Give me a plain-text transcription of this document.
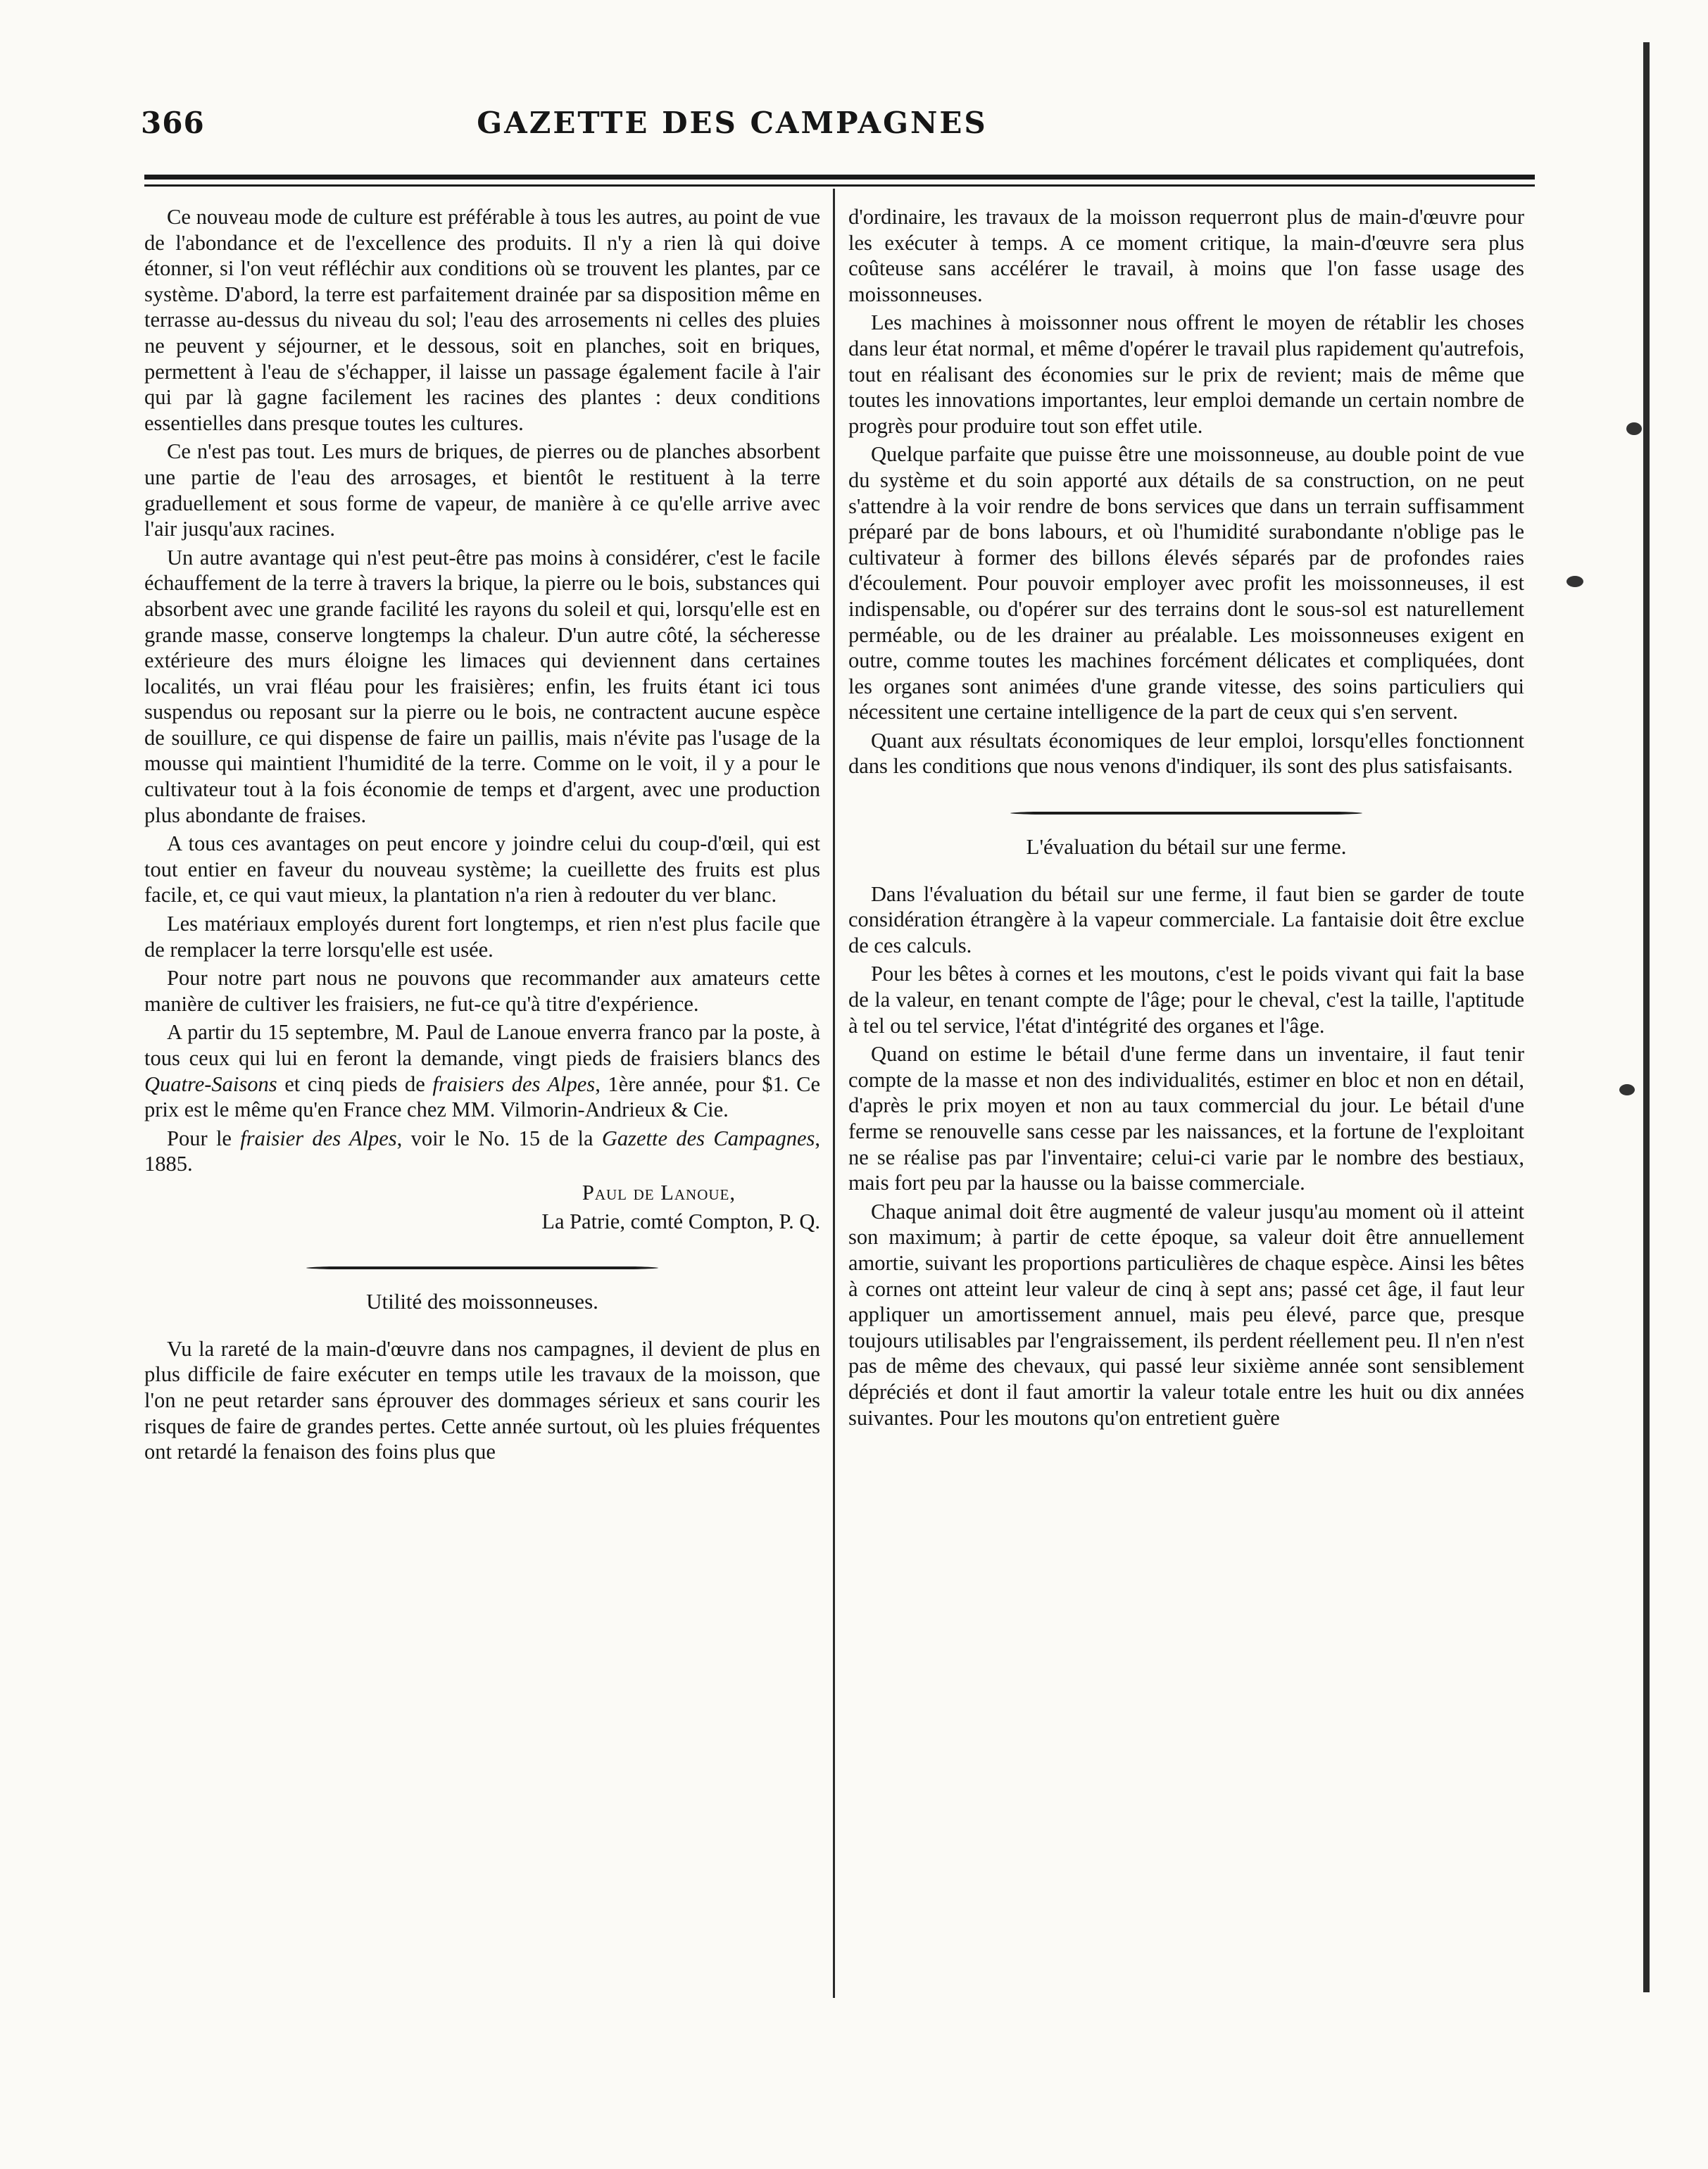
366	GAZETTE DES CAMPAGNES

Ce nouveau mode de culture est préférable à tous les autres, au point de vue de l'abondance et de l'excellence des produits. Il n'y a rien là qui doive étonner, si l'on veut réfléchir aux conditions où se trouvent les plantes, par ce système. D'abord, la terre est parfaitement drainée par sa disposition même en terrasse au-dessus du niveau du sol; l'eau des arrosements ni celles des pluies ne peuvent y séjourner, et le dessous, soit en planches, soit en briques, permettent à l'eau de s'échapper, il laisse un passage également facile à l'air qui par là gagne facilement les racines des plantes : deux conditions essentielles dans presque toutes les cultures.

Ce n'est pas tout. Les murs de briques, de pierres ou de planches absorbent une partie de l'eau des arrosages, et bientôt le restituent à la terre graduellement et sous forme de vapeur, de manière à ce qu'elle arrive avec l'air jusqu'aux racines.

Un autre avantage qui n'est peut-être pas moins à considérer, c'est le facile échauffement de la terre à travers la brique, la pierre ou le bois, substances qui absorbent avec une grande facilité les rayons du soleil et qui, lorsqu'elle est en grande masse, conserve longtemps la chaleur. D'un autre côté, la sécheresse extérieure des murs éloigne les limaces qui deviennent dans certaines localités, un vrai fléau pour les fraisières; enfin, les fruits étant ici tous suspendus ou reposant sur la pierre ou le bois, ne contractent aucune espèce de souillure, ce qui dispense de faire un paillis, mais n'évite pas l'usage de la mousse qui maintient l'humidité de la terre. Comme on le voit, il y a pour le cultivateur tout à la fois économie de temps et d'argent, avec une production plus abondante de fraises.

A tous ces avantages on peut encore y joindre celui du coup-d'œil, qui est tout entier en faveur du nouveau système; la cueillette des fruits est plus facile, et, ce qui vaut mieux, la plantation n'a rien à redouter du ver blanc.

Les matériaux employés durent fort longtemps, et rien n'est plus facile que de remplacer la terre lorsqu'elle est usée.

Pour notre part nous ne pouvons que recommander aux amateurs cette manière de cultiver les fraisiers, ne fut-ce qu'à titre d'expérience.

A partir du 15 septembre, M. Paul de Lanoue enverra franco par la poste, à tous ceux qui lui en feront la demande, vingt pieds de fraisiers blancs des Quatre-Saisons et cinq pieds de fraisiers des Alpes, 1ère année, pour $1. Ce prix est le même qu'en France chez MM. Vilmorin-Andrieux & Cie.

Pour le fraisier des Alpes, voir le No. 15 de la Gazette des Campagnes, 1885.

Paul de Lanoue,

La Patrie, comté Compton, P. Q.

Utilité des moissonneuses.

Vu la rareté de la main-d'œuvre dans nos campagnes, il devient de plus en plus difficile de faire exécuter en temps utile les travaux de la moisson, que l'on ne peut retarder sans éprouver des dommages sérieux et sans courir les risques de faire de grandes pertes. Cette année surtout, où les pluies fréquentes ont retardé la fenaison des foins plus que

d'ordinaire, les travaux de la moisson requerront plus de main-d'œuvre pour les exécuter à temps. A ce moment critique, la main-d'œuvre sera plus coûteuse sans accélérer le travail, à moins que l'on fasse usage des moissonneuses.

Les machines à moissonner nous offrent le moyen de rétablir les choses dans leur état normal, et même d'opérer le travail plus rapidement qu'autrefois, tout en réalisant des économies sur le prix de revient; mais de même que toutes les innovations importantes, leur emploi demande un certain nombre de progrès pour produire tout son effet utile.

Quelque parfaite que puisse être une moissonneuse, au double point de vue du système et du soin apporté aux détails de sa construction, on ne peut s'attendre à la voir rendre de bons services que dans un terrain suffisamment préparé par de bons labours, et où l'humidité surabondante n'oblige pas le cultivateur à former des billons élevés séparés par de profondes raies d'écoulement. Pour pouvoir employer avec profit les moissonneuses, il est indispensable, ou d'opérer sur des terrains dont le sous-sol est naturellement perméable, ou de les drainer au préalable. Les moissonneuses exigent en outre, comme toutes les machines forcément délicates et compliquées, dont les organes sont animées d'une grande vitesse, des soins particuliers qui nécessitent une certaine intelligence de la part de ceux qui s'en servent.

Quant aux résultats économiques de leur emploi, lorsqu'elles fonctionnent dans les conditions que nous venons d'indiquer, ils sont des plus satisfaisants.

L'évaluation du bétail sur une ferme.

Dans l'évaluation du bétail sur une ferme, il faut bien se garder de toute considération étrangère à la vapeur commerciale. La fantaisie doit être exclue de ces calculs.

Pour les bêtes à cornes et les moutons, c'est le poids vivant qui fait la base de la valeur, en tenant compte de l'âge; pour le cheval, c'est la taille, l'aptitude à tel ou tel service, l'état d'intégrité des organes et l'âge.

Quand on estime le bétail d'une ferme dans un inventaire, il faut tenir compte de la masse et non des individualités, estimer en bloc et non en détail, d'après le prix moyen et non au taux commercial du jour. Le bétail d'une ferme se renouvelle sans cesse par les naissances, et la fortune de l'exploitant ne se réalise pas par l'inventaire; celui-ci varie par le nombre des bestiaux, mais fort peu par la hausse ou la baisse commerciale.

Chaque animal doit être augmenté de valeur jusqu'au moment où il atteint son maximum; à partir de cette époque, sa valeur doit être annuellement amortie, suivant les proportions particulières de chaque espèce. Ainsi les bêtes à cornes ont atteint leur valeur de cinq à sept ans; passé cet âge, il faut leur appliquer un amortissement annuel, mais peu élevé, parce que, presque toujours utilisables par l'engraissement, ils perdent réellement peu. Il n'en n'est pas de même des chevaux, qui passé leur sixième année sont sensiblement dépréciés et dont il faut amortir la valeur totale entre les huit ou dix années suivantes. Pour les moutons qu'on entretient guère
